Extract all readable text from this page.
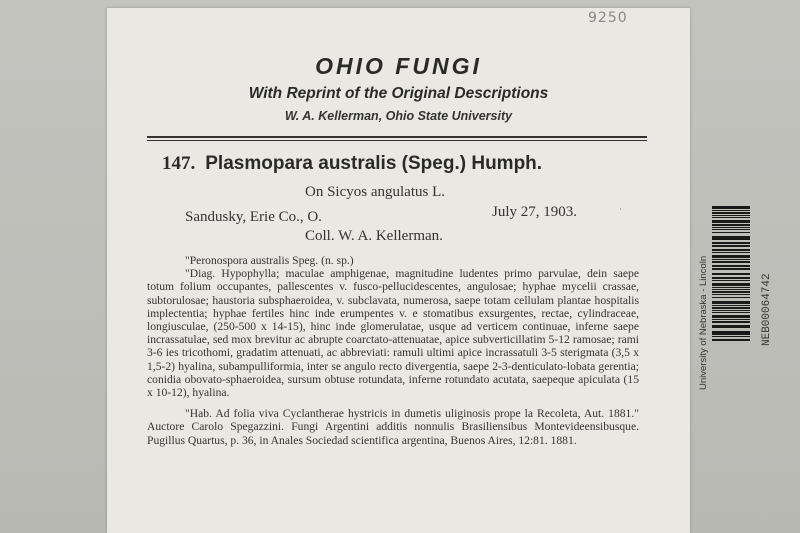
OHIO FUNGI
With Reprint of the Original Descriptions
W. A. Kellerman, Ohio State University
147. Plasmopara australis (Speg.) Humph.
On Sicyos angulatus L.
Sandusky, Erie Co., O.	July 27, 1903.	ॱ
Coll. W. A. Kellerman.

"Peronospora australis Speg. (n. sp.)

"Diag. Hypophylla; maculae amphigenae, magnitudine ludentes primo parvulae, dein saepe totum folium occupantes, pallescentes v. fusco-pellucidescentes, angulosae; hyphae mycelii crassae, subtorulosae; haustoria subsphaeroidea, v. subclavata, numerosa, saepe totam cellulam plantae hospitalis implectentia; hyphae fertiles hinc inde erumpentes v. e stomatibus exsurgentes, rectae, cylindraceae, longiusculae, (250-500 x 14-15), hinc inde glomerulatae, usque ad verticem continuae, inferne saepe incrassatulae, sed mox brevitur ac abrupte coarctato-attenuatae, apice subverticillatim 5-12 ramosae; rami 3-6 ies tricothomi, gradatim attenuati, ac abbreviati: ramuli ultimi apice incrassatuli 3-5 sterigmata (3,5 x 1,5-2) hyalina, subampulliformia, inter se angulo recto divergentia, saepe 2-3-denticulato-lobata gerentia; conidia obovato-sphaeroidea, sursum obtuse rotundata, inferne rotundato acutata, saepeque apiculata (15 x 10-12), hyalina.

"Hab. Ad folia viva Cyclantherae hystricis in dumetis uliginosis prope la Recoleta, Aut. 1881." Auctore Carolo Spegazzini. Fungi Argentini additis nonnulis Brasiliensibus Montevideensibusque. Pugillus Quartus, p. 36, in Anales Sociedad scientifica argentina, Buenos Aires, 12:81. 1881.

9250
University of Nebraska - Lincoln	NEB00064742
